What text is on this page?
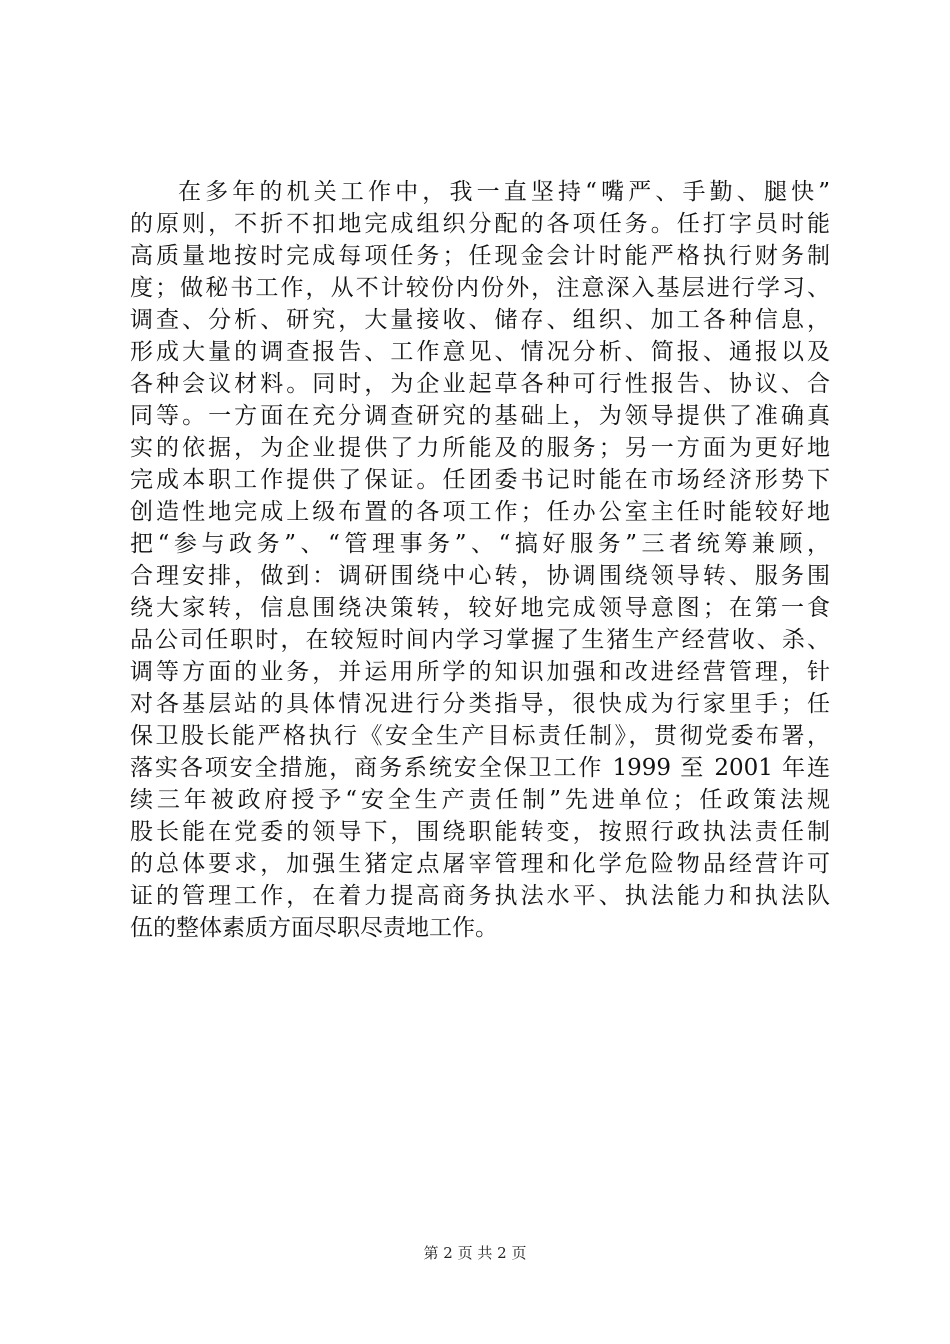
在多年的机关工作中，我一直坚持“嘴严、手勤、腿快”
的原则，不折不扣地完成组织分配的各项任务。任打字员时能
高质量地按时完成每项任务；任现金会计时能严格执行财务制
度；做秘书工作，从不计较份内份外，注意深入基层进行学习、
调查、分析、研究，大量接收、储存、组织、加工各种信息，
形成大量的调查报告、工作意见、情况分析、简报、通报以及
各种会议材料。同时，为企业起草各种可行性报告、协议、合
同等。一方面在充分调查研究的基础上，为领导提供了准确真
实的依据，为企业提供了力所能及的服务；另一方面为更好地
完成本职工作提供了保证。任团委书记时能在市场经济形势下
创造性地完成上级布置的各项工作；任办公室主任时能较好地
把“参与政务”、“管理事务”、“搞好服务”三者统筹兼顾，
合理安排，做到：调研围绕中心转，协调围绕领导转、服务围
绕大家转，信息围绕决策转，较好地完成领导意图；在第一食
品公司任职时，在较短时间内学习掌握了生猪生产经营收、杀、
调等方面的业务，并运用所学的知识加强和改进经营管理，针
对各基层站的具体情况进行分类指导，很快成为行家里手；任
保卫股长能严格执行《安全生产目标责任制》，贯彻党委布署，
落实各项安全措施，商务系统安全保卫工作 1999 至 2001 年连
续三年被政府授予“安全生产责任制”先进单位；任政策法规
股长能在党委的领导下，围绕职能转变，按照行政执法责任制
的总体要求，加强生猪定点屠宰管理和化学危险物品经营许可
证的管理工作，在着力提高商务执法水平、执法能力和执法队
伍的整体素质方面尽职尽责地工作。
第 2 页 共 2 页
